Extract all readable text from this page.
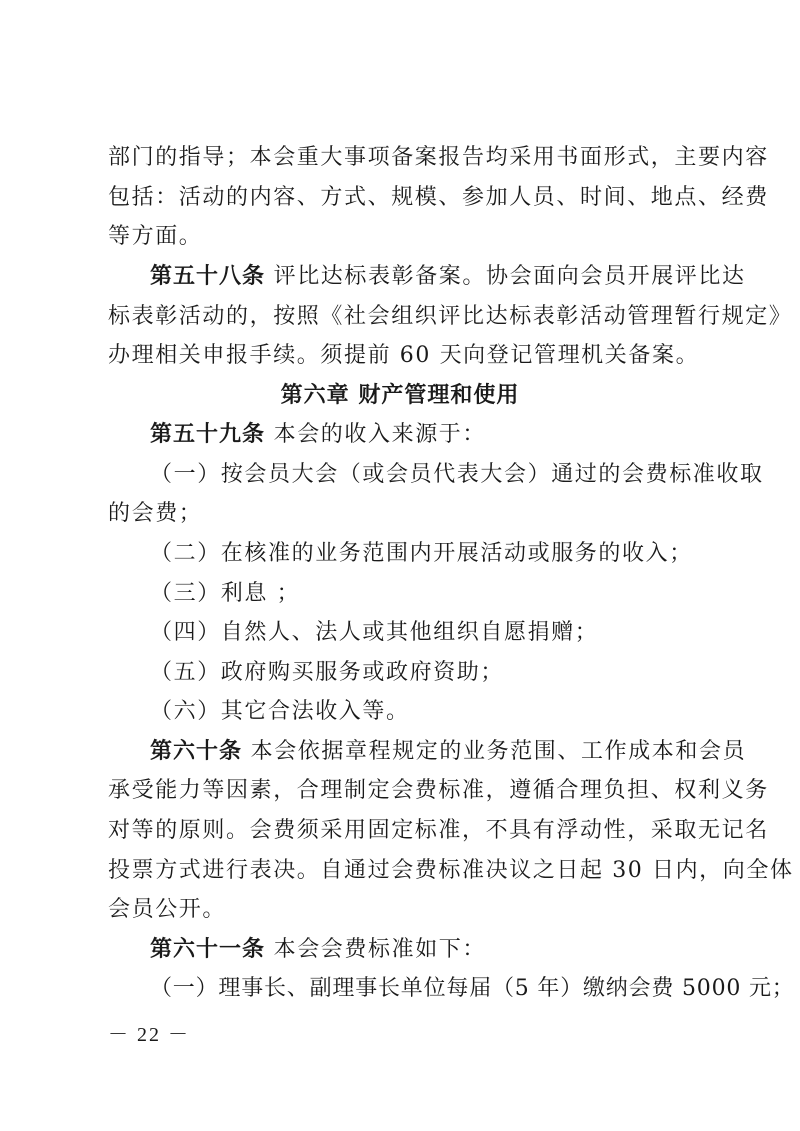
部门的指导；本会重大事项备案报告均采用书面形式，主要内容
包括：活动的内容、方式、规模、参加人员、时间、地点、经费
等方面。
第五十八条 评比达标表彰备案。协会面向会员开展评比达
标表彰活动的，按照《社会组织评比达标表彰活动管理暂行规定》
办理相关申报手续。须提前 60 天向登记管理机关备案。
第六章 财产管理和使用
第五十九条 本会的收入来源于：
（一）按会员大会（或会员代表大会）通过的会费标准收取
的会费；
（二）在核准的业务范围内开展活动或服务的收入；
（三）利息 ；
（四）自然人、法人或其他组织自愿捐赠；
（五）政府购买服务或政府资助；
（六）其它合法收入等。
第六十条 本会依据章程规定的业务范围、工作成本和会员
承受能力等因素，合理制定会费标准，遵循合理负担、权利义务
对等的原则。会费须采用固定标准，不具有浮动性，采取无记名
投票方式进行表决。自通过会费标准决议之日起 30 日内，向全体
会员公开。
第六十一条 本会会费标准如下：
（一）理事长、副理事长单位每届（5 年）缴纳会费 5000 元；
－ 22 －
